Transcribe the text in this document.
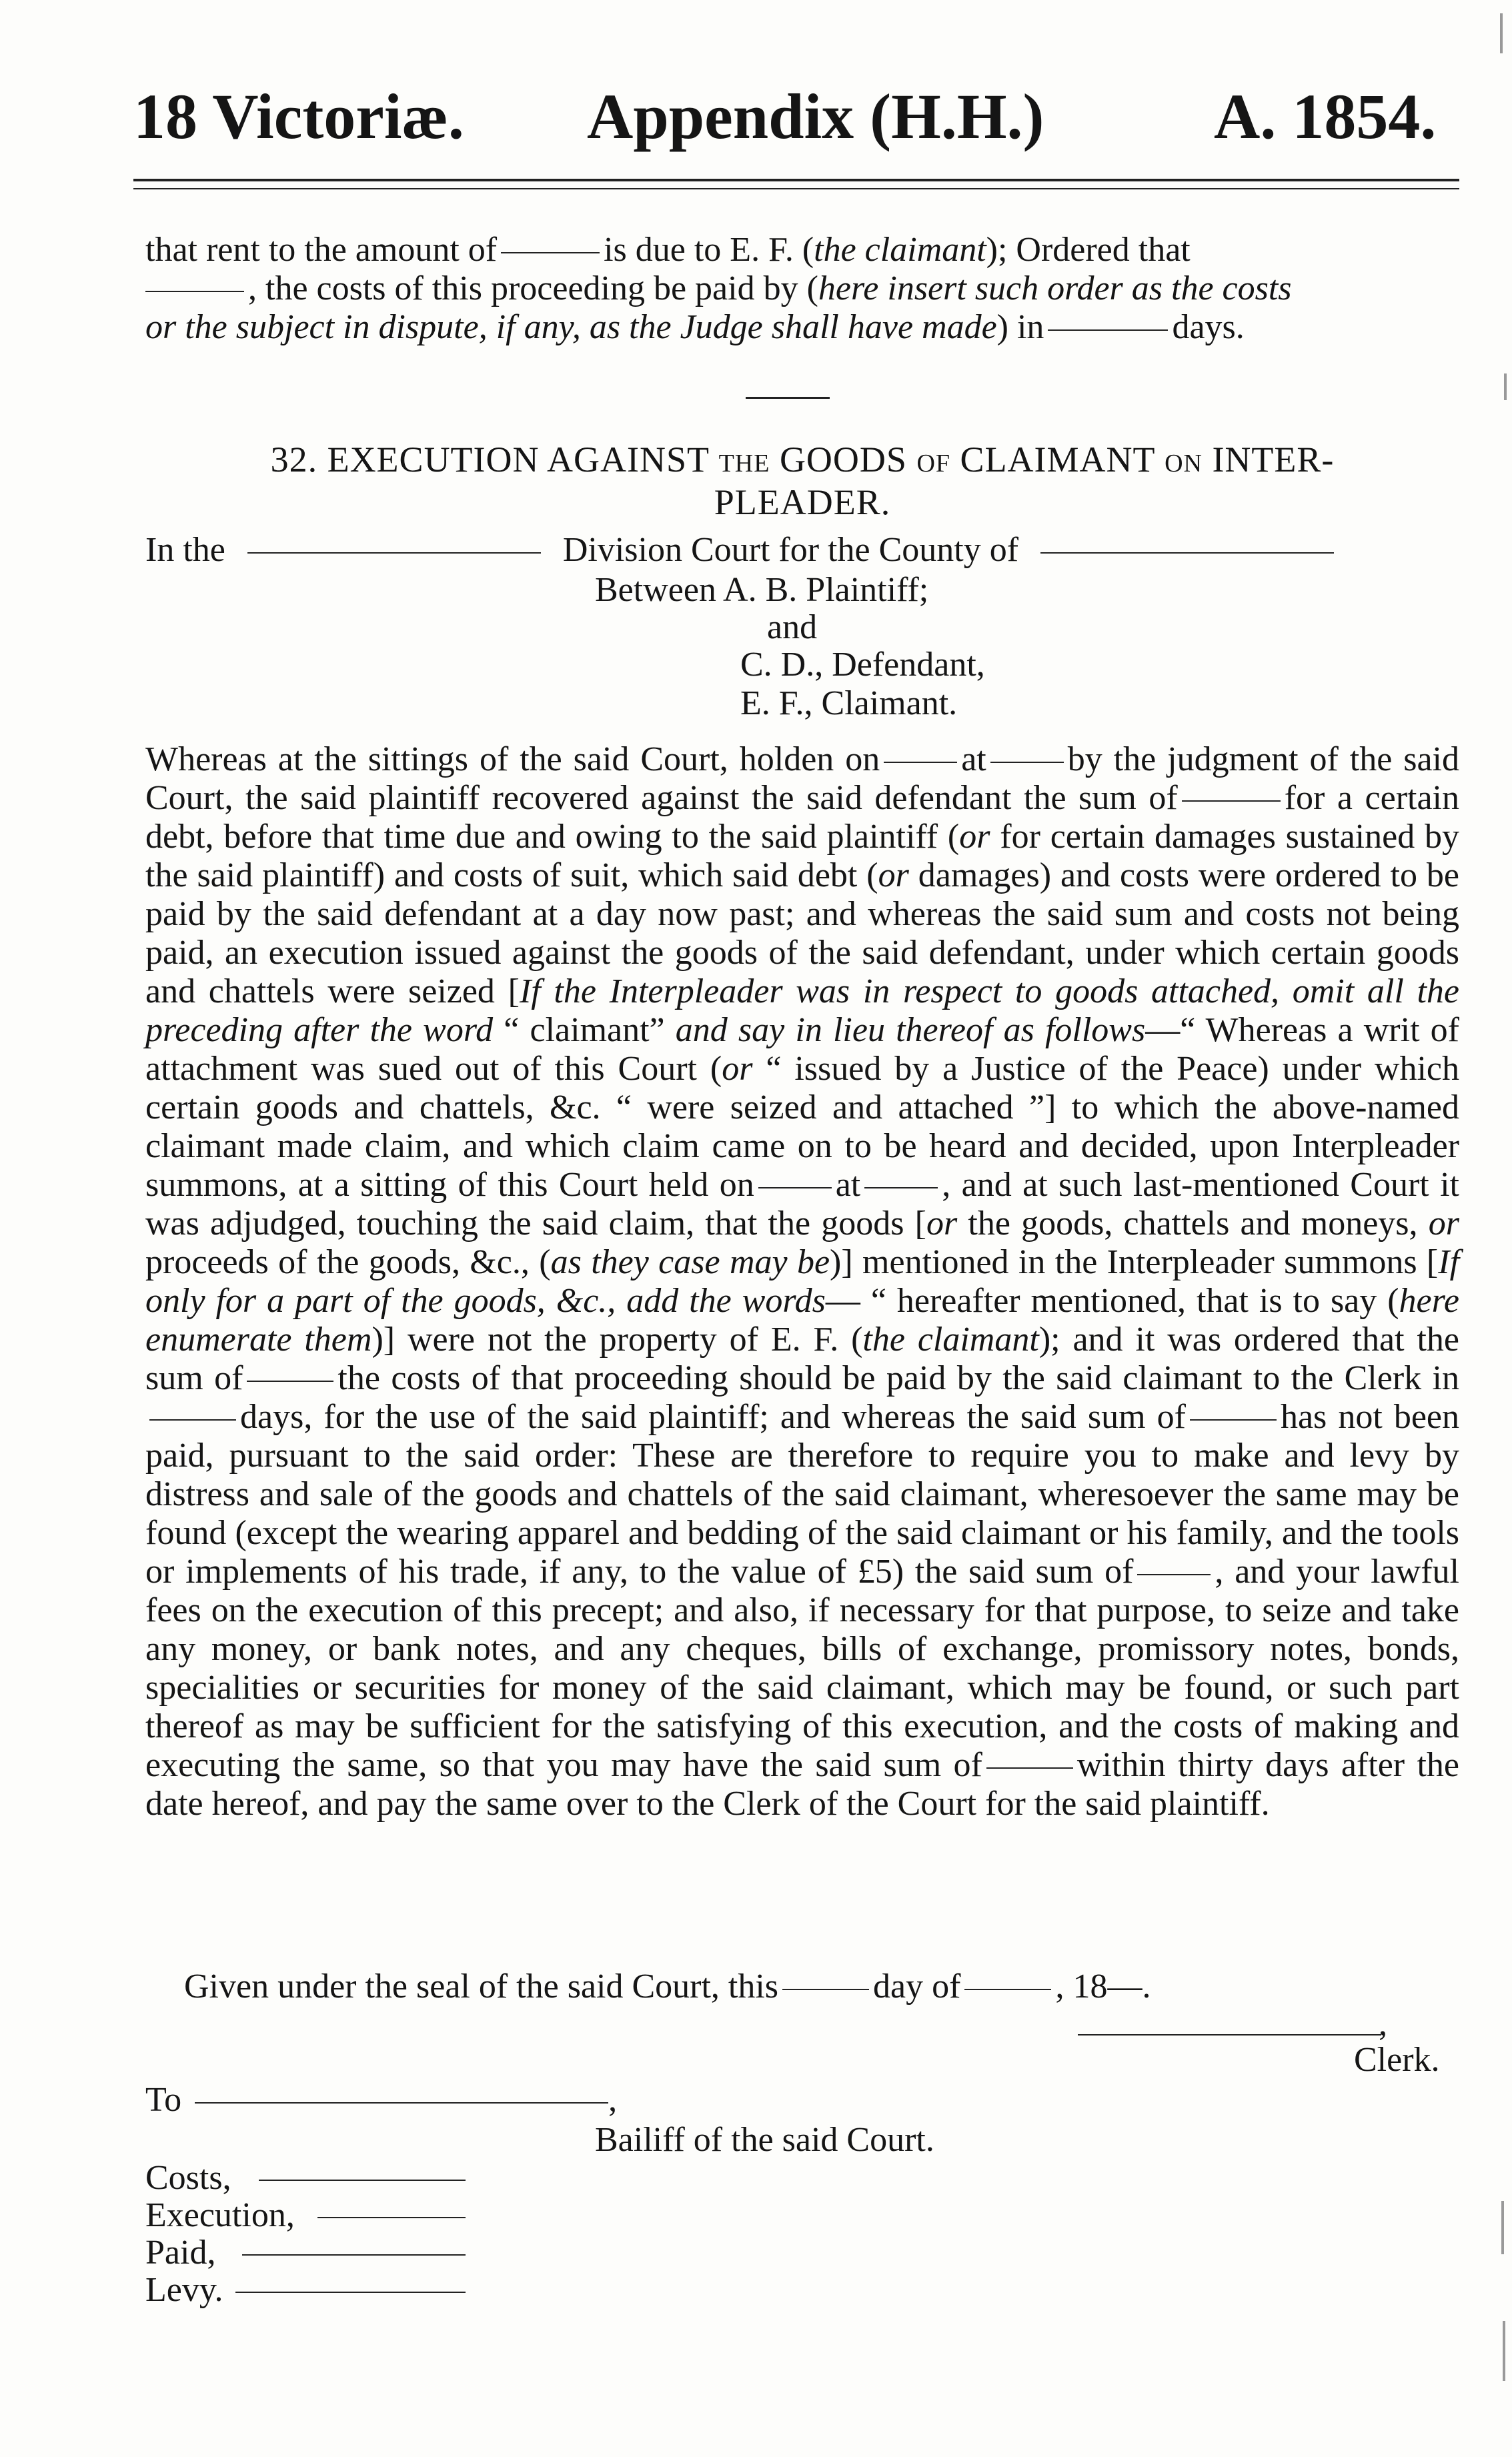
18 Victoriæ. Appendix (H.H.)	A. 1854.

that rent to the amount of	is due to E. F. (the claimant); Ordered that

, the costs of this proceeding be paid by (here insert such order as the costs

or the subject in dispute, if any, as the Judge shall have made) in	days.

32. EXECUTION AGAINST THE GOODS OF CLAIMANT ON INTER-
PLEADER.
In the	Division Court for the County of
Between A. B. Plaintiff;
and
C. D., Defendant,
E. F., Claimant.

Whereas at the sittings of the said Court, holden on at by the judgment of the said Court, the said plaintiff recovered against the said defendant the sum of	for a certain debt, before that time due and owing to the said plaintiff (or for certain damages sustained by the said plaintiff) and costs of suit, which said debt (or damages) and costs were ordered to be paid by the said defendant at a day now past; and whereas the said sum and costs not being paid, an execution issued against the goods of the said defendant, under which certain goods and chattels were seized [If the Interpleader was in respect to goods attached, omit all the preceding after the word “ claimant” and say in lieu thereof as follows—“ Whereas a writ of attachment was sued out of this Court (or “ issued by a Justice of the Peace) under which certain goods and chattels, &c. “ were seized and attached ”] to which the above-named claimant made claim, and which claim came on to be heard and decided, upon Interpleader summons, at a sitting of this Court held on at , and at such last-mentioned Court it was adjudged, touching the said claim, that the goods [or the goods, chattels and moneys, or proceeds of the goods, &c., (as they case may be)] mentioned in the Interpleader summons [If only for a part of the goods, &c., add the words— “ hereafter mentioned, that is to say (here enumerate them)] were not the property of E. F. (the claimant); and it was ordered that the sum of	the costs of that proceeding should be paid by the said claimant to the Clerk indays, for the use of the said plaintiff; and whereas the said sum of	has not been paid, pursuant to the said order: These are therefore to require you to make and levy by distress and sale of the goods and chattels of the said claimant, wheresoever the same may be found (except the wearing apparel and bedding of the said claimant or his family, and the tools or implements of his trade, if any, to the value of £5) the said sum of , and your lawful fees on the execution of this precept; and also, if necessary for that purpose, to seize and take any money, or bank notes, and any cheques, bills of exchange, promissory notes, bonds, specialities or securities for money of the said claimant, which may be found, or such part thereof as may be sufficient for the satisfying of this execution, and the costs of making and executing the same, so that you may have the said sum of	within thirty days after the date hereof, and pay the same over to the Clerk of the Court for the said plaintiff.

Given under the seal of the said Court, this	day of	, 18—.
,
Clerk.
To	,
Bailiff of the said Court.
Costs,
Execution,
Paid,
Levy.
